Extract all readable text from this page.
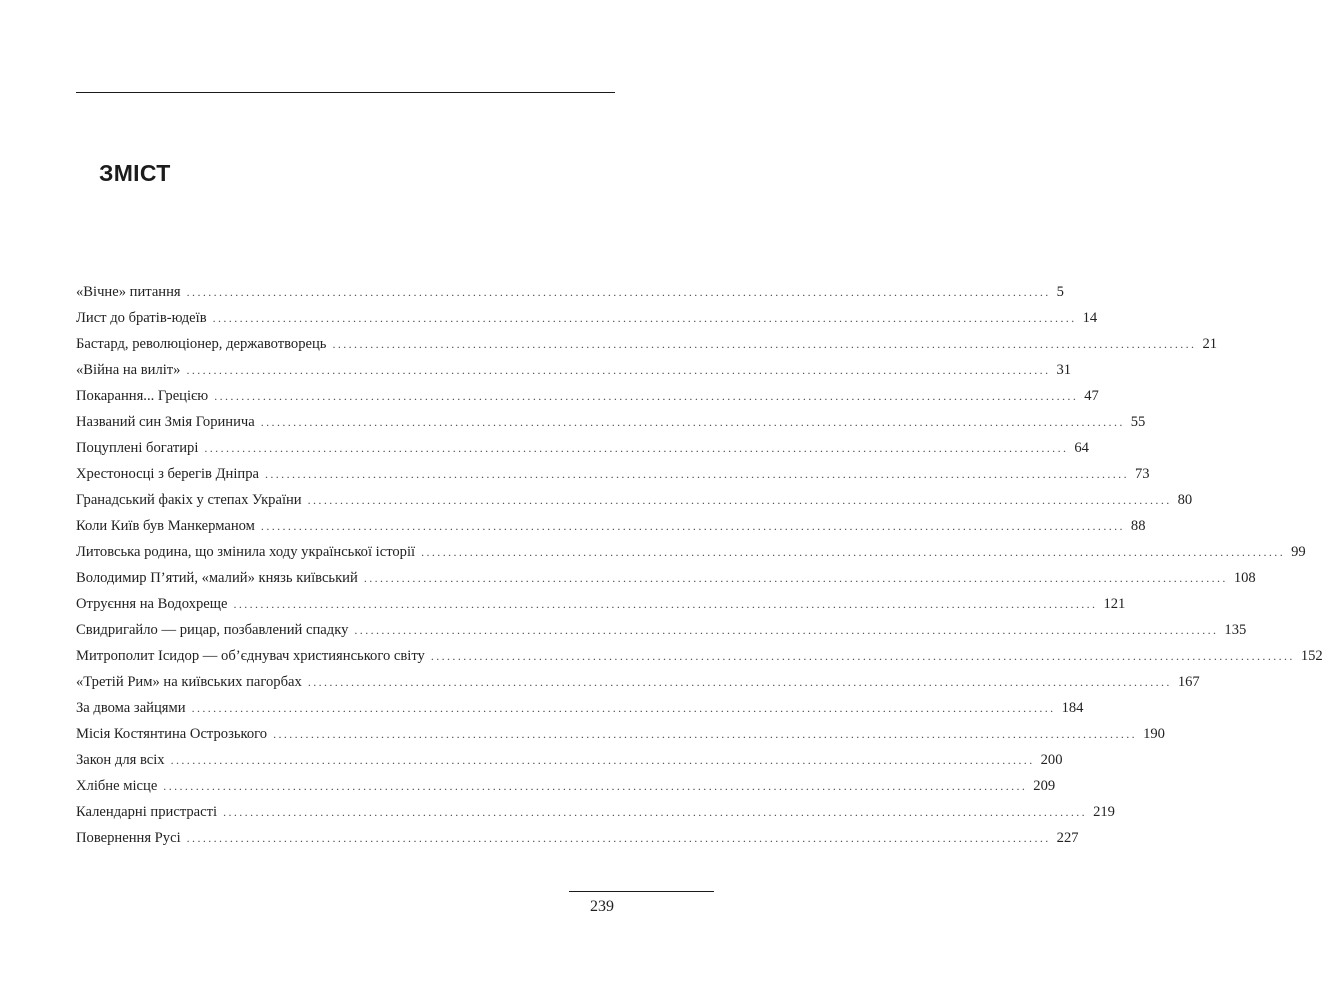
ЗМІСТ
«Вічне» питання ................................................................................................................................................................ 5
Лист до братів-юдеїв ................................................................................................................................................................ 14
Бастард, революціонер, державотворець ................................................................................................................................................................ 21
«Війна на виліт» ................................................................................................................................................................ 31
Покарання... Грецією ................................................................................................................................................................ 47
Названий син Змія Горинича ................................................................................................................................................................ 55
Поцуплені богатирі ................................................................................................................................................................ 64
Хрестоносці з берегів Дніпра ................................................................................................................................................................ 73
Гранадський факіх у степах України ................................................................................................................................................................ 80
Коли Київ був Манкерманом ................................................................................................................................................................ 88
Литовська родина, що змінила ходу української історії ................................................................................................................................................................ 99
Володимир П’ятий, «малий» князь київський ................................................................................................................................................................ 108
Отруєння на Водохреще ................................................................................................................................................................ 121
Свидригайло — рицар, позбавлений спадку ................................................................................................................................................................ 135
Митрополит Ісидор — об’єднувач християнського світу ................................................................................................................................................................ 152
«Третій Рим» на київських пагорбах ................................................................................................................................................................ 167
За двома зайцями ................................................................................................................................................................ 184
Місія Костянтина Острозького ................................................................................................................................................................ 190
Закон для всіх ................................................................................................................................................................ 200
Хлібне місце ................................................................................................................................................................ 209
Календарні пристрасті ................................................................................................................................................................ 219
Повернення Русі ................................................................................................................................................................ 227
239
